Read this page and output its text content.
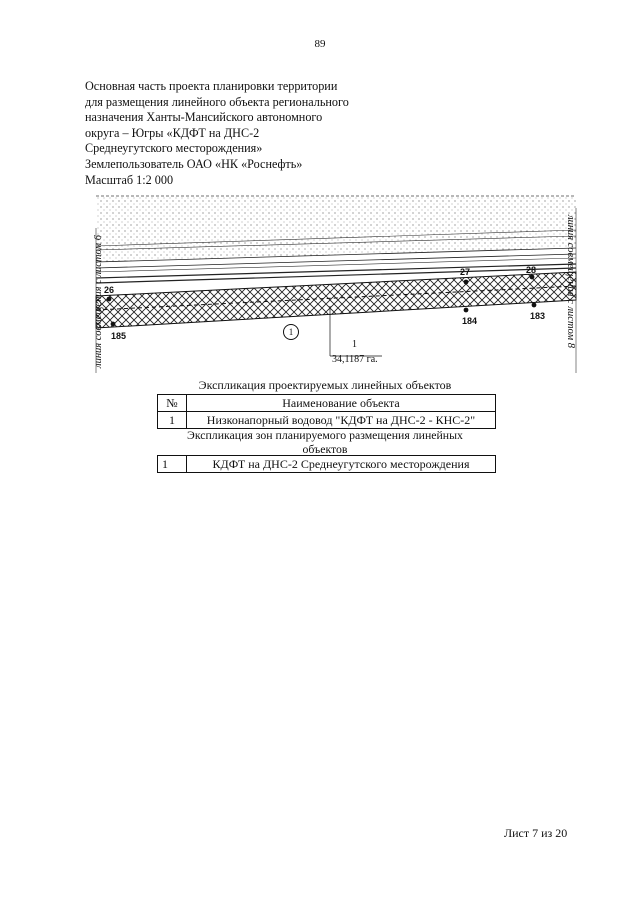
89
Основная часть проекта планировки территории
для размещения линейного объекта регионального
назначения Ханты-Мансийского автономного
округа – Югры «КДФТ на ДНС-2
Среднеугутского месторождения»
Землепользователь ОАО «НК «Роснефть»
Масштаб 1:2 000
линия совмещения с листом 6	линия совмещения с листом 8
26
185
27	28
184	183
1
1
34,1187 га.
Экспликация проектируемых линейных объектов
№	Наименование объекта
1	Низконапорный водовод "КДФТ на ДНС-2 - КНС-2"
Экспликация зон планируемого размещения линейных
объектов
1	КДФТ на ДНС-2 Среднеугутского месторождения
Лист 7 из 20
